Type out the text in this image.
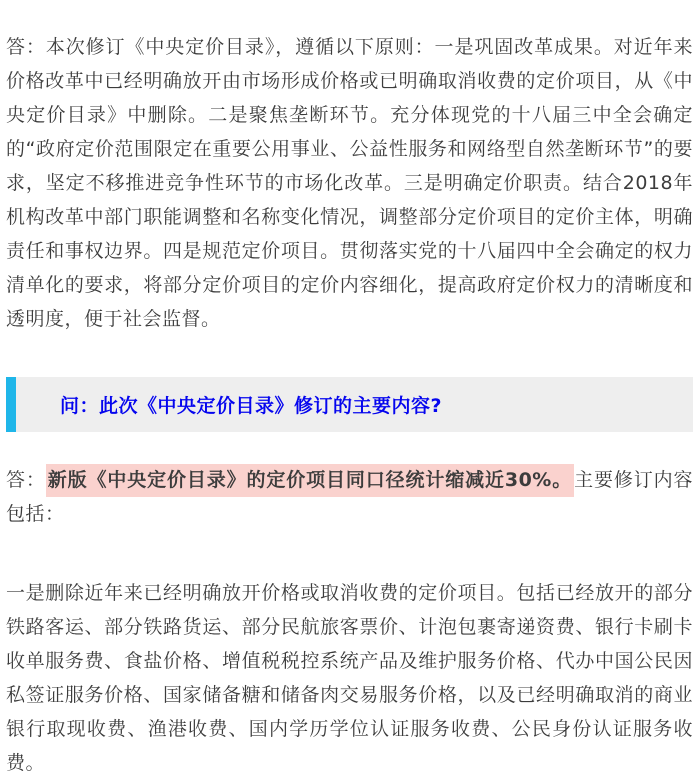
答：本次修订《中央定价目录》，遵循以下原则：一是巩固改革成果。对近年来价格改革中已经明确放开由市场形成价格或已明确取消收费的定价项目，从《中央定价目录》中删除。二是聚焦垄断环节。充分体现党的十八届三中全会确定的“政府定价范围限定在重要公用事业、公益性服务和网络型自然垄断环节”的要求，坚定不移推进竞争性环节的市场化改革。三是明确定价职责。结合2018年机构改革中部门职能调整和名称变化情况，调整部分定价项目的定价主体，明确责任和事权边界。四是规范定价项目。贯彻落实党的十八届四中全会确定的权力清单化的要求，将部分定价项目的定价内容细化，提高政府定价权力的清晰度和透明度，便于社会监督。

问：此次《中央定价目录》修订的主要内容?

答： 新版《中央定价目录》的定价项目同口径统计缩减近30%。 主要修订内容包括：

一是删除近年来已经明确放开价格或取消收费的定价项目。包括已经放开的部分铁路客运、部分铁路货运、部分民航旅客票价、计泡包裹寄递资费、银行卡刷卡收单服务费、食盐价格、增值税税控系统产品及维护服务价格、代办中国公民因私签证服务价格、国家储备糖和储备肉交易服务价格，以及已经明确取消的商业银行取现收费、渔港收费、国内学历学位认证服务收费、公民身份认证服务收费。
